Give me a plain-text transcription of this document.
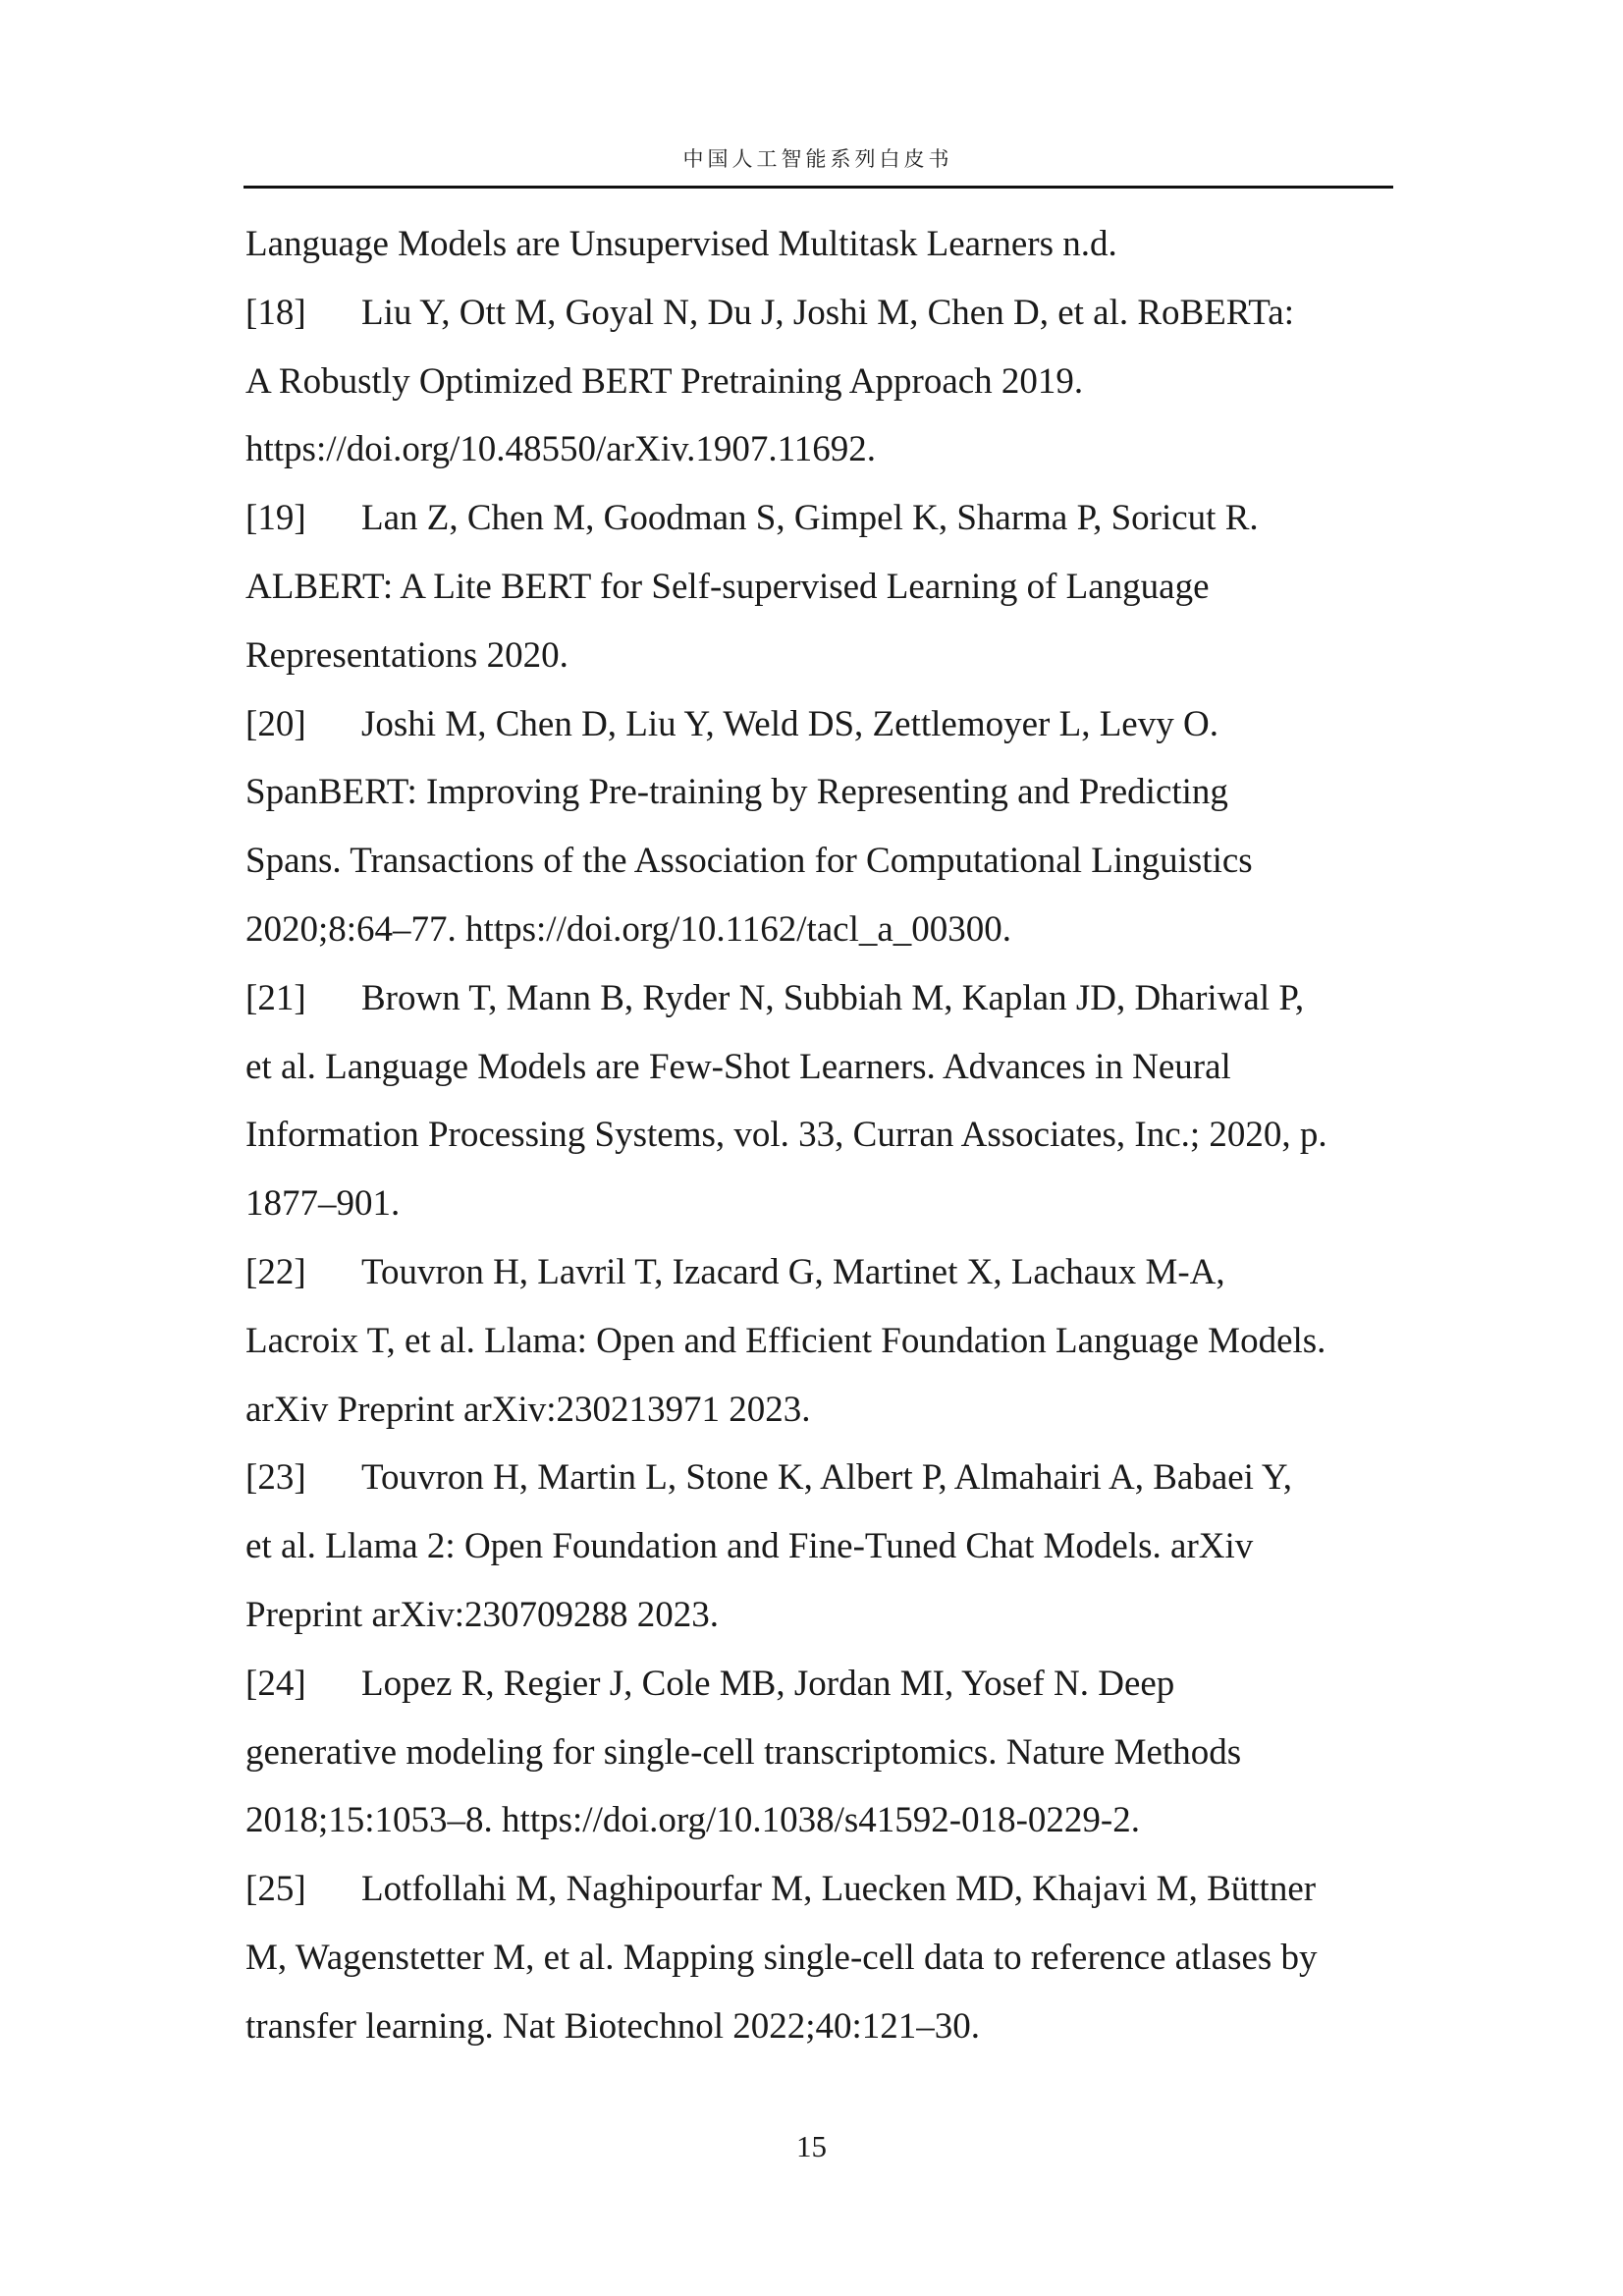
中国人工智能系列白皮书
Language Models are Unsupervised Multitask Learners n.d.
[18] Liu Y, Ott M, Goyal N, Du J, Joshi M, Chen D, et al. RoBERTa:
A Robustly Optimized BERT Pretraining Approach 2019.
https://doi.org/10.48550/arXiv.1907.11692.
[19] Lan Z, Chen M, Goodman S, Gimpel K, Sharma P, Soricut R.
ALBERT: A Lite BERT for Self-supervised Learning of Language
Representations 2020.
[20] Joshi M, Chen D, Liu Y, Weld DS, Zettlemoyer L, Levy O.
SpanBERT: Improving Pre-training by Representing and Predicting
Spans. Transactions of the Association for Computational Linguistics
2020;8:64–77. https://doi.org/10.1162/tacl_a_00300.
[21] Brown T, Mann B, Ryder N, Subbiah M, Kaplan JD, Dhariwal P,
et al. Language Models are Few-Shot Learners. Advances in Neural
Information Processing Systems, vol. 33, Curran Associates, Inc.; 2020, p.
1877–901.
[22] Touvron H, Lavril T, Izacard G, Martinet X, Lachaux M-A,
Lacroix T, et al. Llama: Open and Efficient Foundation Language Models.
arXiv Preprint arXiv:230213971 2023.
[23] Touvron H, Martin L, Stone K, Albert P, Almahairi A, Babaei Y,
et al. Llama 2: Open Foundation and Fine-Tuned Chat Models. arXiv
Preprint arXiv:230709288 2023.
[24] Lopez R, Regier J, Cole MB, Jordan MI, Yosef N. Deep
generative modeling for single-cell transcriptomics. Nature Methods
2018;15:1053–8. https://doi.org/10.1038/s41592-018-0229-2.
[25] Lotfollahi M, Naghipourfar M, Luecken MD, Khajavi M, Büttner
M, Wagenstetter M, et al. Mapping single-cell data to reference atlases by
transfer learning. Nat Biotechnol 2022;40:121–30.
15
